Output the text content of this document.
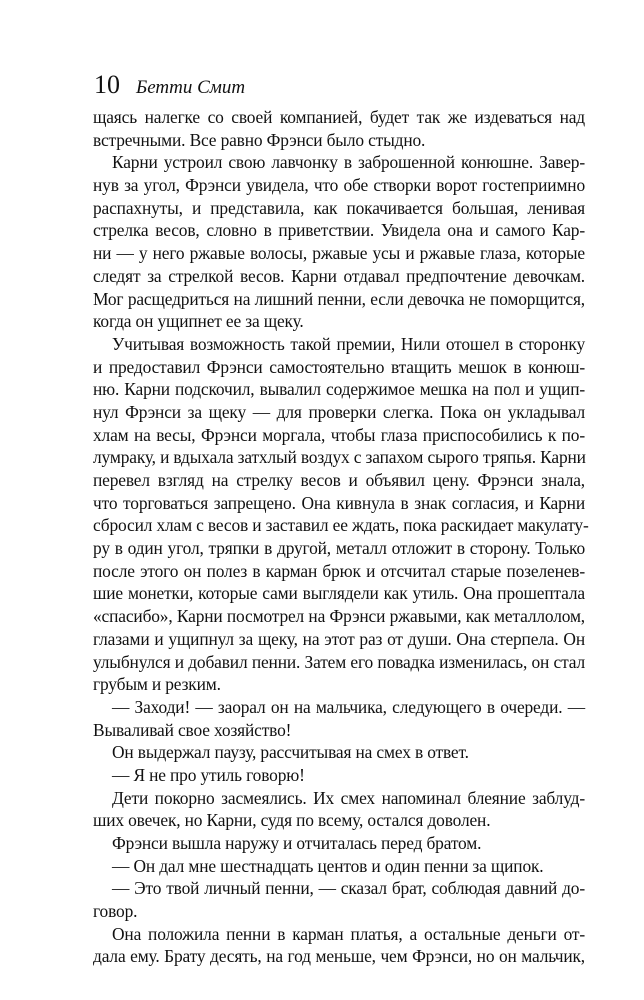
10 Бетти Смит
щаясь налегке со своей компанией, будет так же издеваться над
встречными. Все равно Фрэнси было стыдно.
Карни устроил свою лавчонку в заброшенной конюшне. Завер-
нув за угол, Фрэнси увидела, что обе створки ворот гостеприимно
распахнуты, и представила, как покачивается большая, ленивая
стрелка весов, словно в приветствии. Увидела она и самого Кар-
ни — у него ржавые волосы, ржавые усы и ржавые глаза, которые
следят за стрелкой весов. Карни отдавал предпочтение девочкам.
Мог расщедриться на лишний пенни, если девочка не поморщится,
когда он ущипнет ее за щеку.
Учитывая возможность такой премии, Нили отошел в сторонку
и предоставил Фрэнси самостоятельно втащить мешок в конюш-
ню. Карни подскочил, вывалил содержимое мешка на пол и ущип-
нул Фрэнси за щеку — для проверки слегка. Пока он укладывал
хлам на весы, Фрэнси моргала, чтобы глаза приспособились к по-
лумраку, и вдыхала затхлый воздух с запахом сырого тряпья. Карни
перевел взгляд на стрелку весов и объявил цену. Фрэнси знала,
что торговаться запрещено. Она кивнула в знак согласия, и Карни
сбросил хлам с весов и заставил ее ждать, пока раскидает макулату-
ру в один угол, тряпки в другой, металл отложит в сторону. Только
после этого он полез в карман брюк и отсчитал старые позеленев-
шие монетки, которые сами выглядели как утиль. Она прошептала
«спасибо», Карни посмотрел на Фрэнси ржавыми, как металлолом,
глазами и ущипнул за щеку, на этот раз от души. Она стерпела. Он
улыбнулся и добавил пенни. Затем его повадка изменилась, он стал
грубым и резким.
— Заходи! — заорал он на мальчика, следующего в очереди. —
Вываливай свое хозяйство!
Он выдержал паузу, рассчитывая на смех в ответ.
— Я не про утиль говорю!
Дети покорно засмеялись. Их смех напоминал блеяние заблуд-
ших овечек, но Карни, судя по всему, остался доволен.
Фрэнси вышла наружу и отчиталась перед братом.
— Он дал мне шестнадцать центов и один пенни за щипок.
— Это твой личный пенни, — сказал брат, соблюдая давний до-
говор.
Она положила пенни в карман платья, а остальные деньги от-
дала ему. Брату десять, на год меньше, чем Фрэнси, но он мальчик,
